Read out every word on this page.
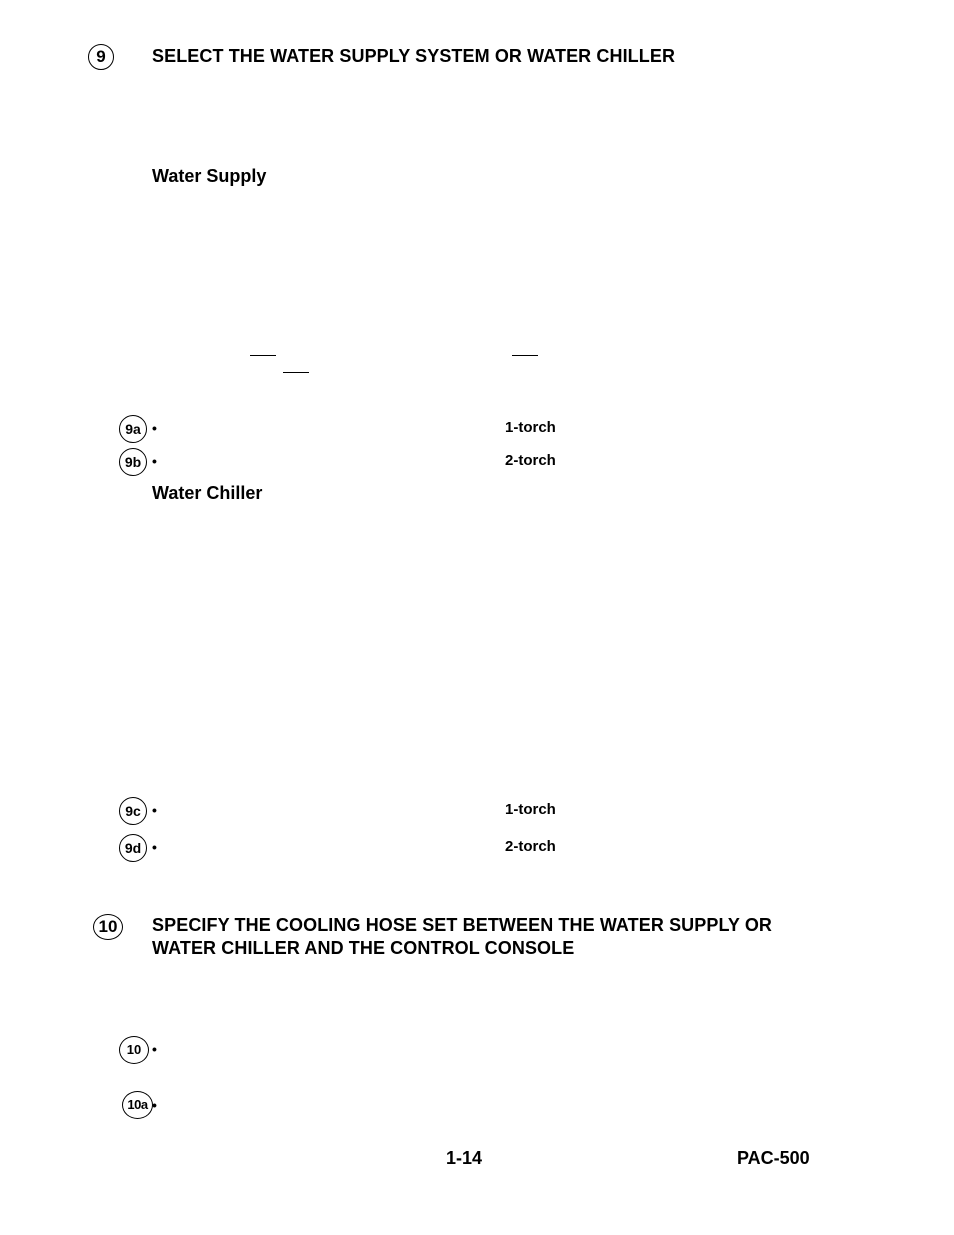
9	SELECT THE WATER SUPPLY SYSTEM OR WATER CHILLER
Water Supply
9a •	1-torch
9b •	2-torch
Water Chiller
9c •	1-torch
9d •	2-torch
10	SPECIFY THE COOLING HOSE SET BETWEEN THE WATER SUPPLY OR
WATER CHILLER AND THE CONTROL CONSOLE
10 •
10a •
1-14	PAC-500
